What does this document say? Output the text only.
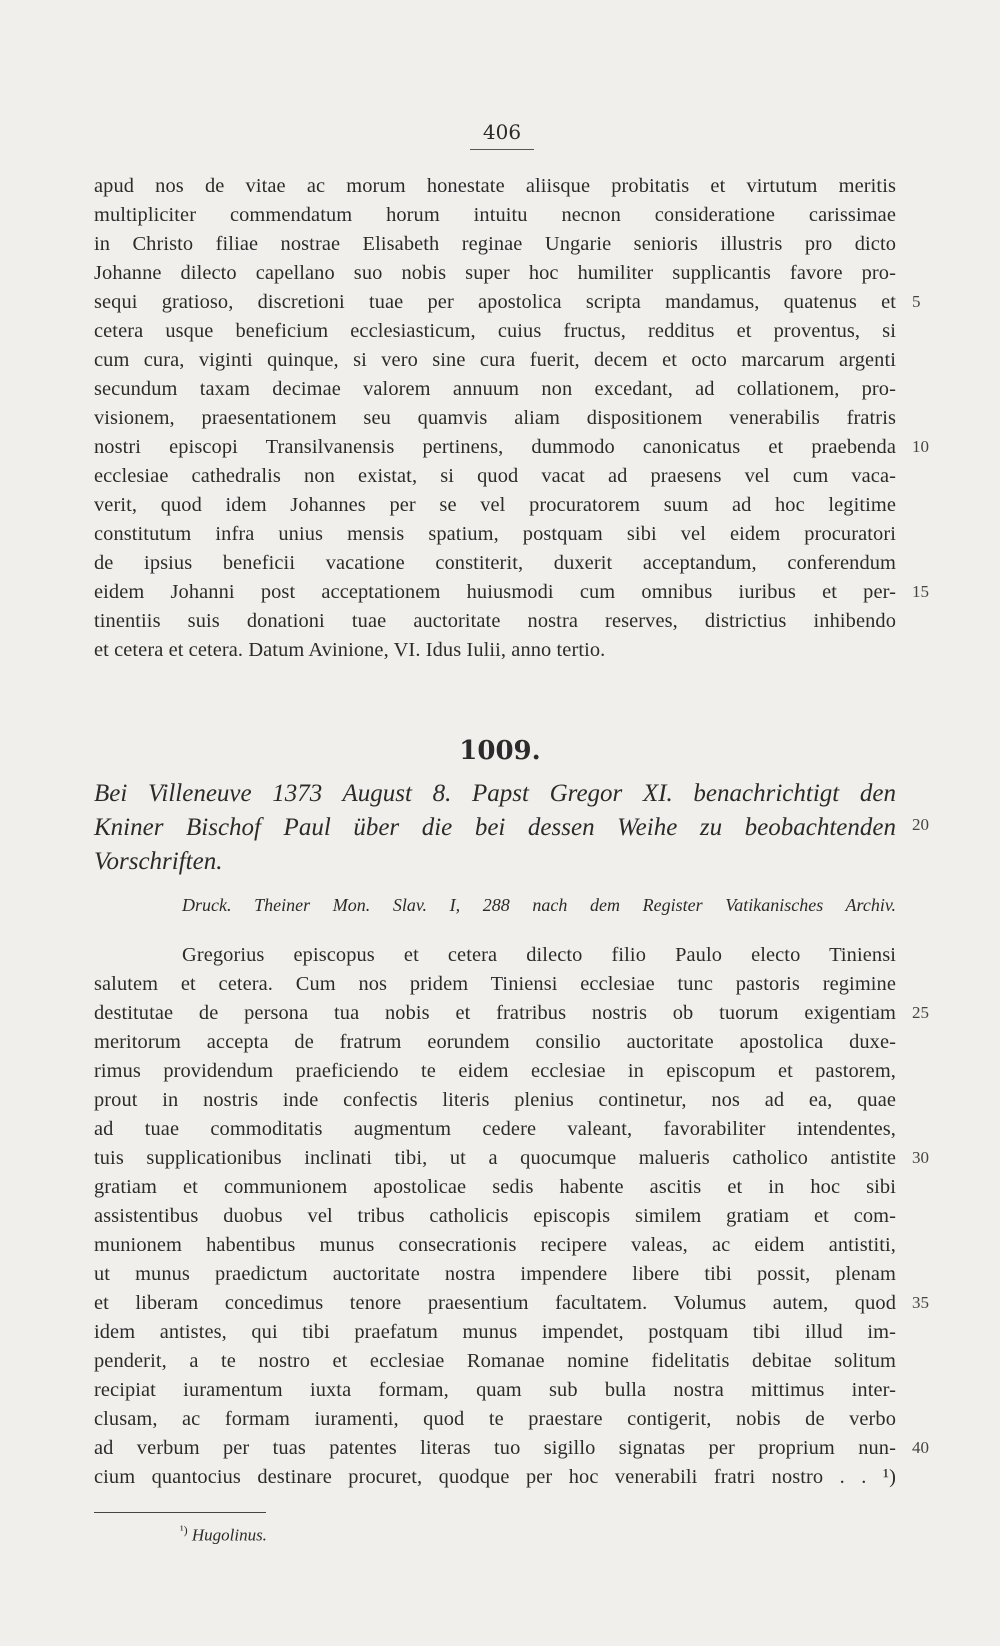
406
apud nos de vitae ac morum honestate aliisque probitatis et virtutum meritis
multipliciter commendatum horum intuitu necnon consideratione carissimae
in Christo filiae nostrae Elisabeth reginae Ungarie senioris illustris pro dicto
Johanne dilecto capellano suo nobis super hoc humiliter supplicantis favore pro-
sequi gratioso, discretioni tuae per apostolica scripta mandamus, quatenus et
cetera usque beneficium ecclesiasticum, cuius fructus, redditus et proventus, si
cum cura, viginti quinque, si vero sine cura fuerit, decem et octo marcarum argenti
secundum taxam decimae valorem annuum non excedant, ad collationem, pro-
visionem, praesentationem seu quamvis aliam dispositionem venerabilis fratris
nostri episcopi Transilvanensis pertinens, dummodo canonicatus et praebenda
ecclesiae cathedralis non existat, si quod vacat ad praesens vel cum vaca-
verit, quod idem Johannes per se vel procuratorem suum ad hoc legitime
constitutum infra unius mensis spatium, postquam sibi vel eidem procuratori
de ipsius beneficii vacatione constiterit, duxerit acceptandum, conferendum
eidem Johanni post acceptationem huiusmodi cum omnibus iuribus et per-
tinentiis suis donationi tuae auctoritate nostra reserves, districtius inhibendo
et cetera et cetera. Datum Avinione, VI. Idus Iulii, anno tertio.
1009.
Bei Villeneuve 1373 August 8. Papst Gregor XI. benachrichtigt den
Kniner Bischof Paul über die bei dessen Weihe zu beobachtenden
Vorschriften.
Druck. Theiner Mon. Slav. I, 288 nach dem Register Vatikanisches Archiv.
Gregorius episcopus et cetera dilecto filio Paulo electo Tiniensi
salutem et cetera. Cum nos pridem Tiniensi ecclesiae tunc pastoris regimine
destitutae de persona tua nobis et fratribus nostris ob tuorum exigentiam
meritorum accepta de fratrum eorundem consilio auctoritate apostolica duxe-
rimus providendum praeficiendo te eidem ecclesiae in episcopum et pastorem,
prout in nostris inde confectis literis plenius continetur, nos ad ea, quae
ad tuae commoditatis augmentum cedere valeant, favorabiliter intendentes,
tuis supplicationibus inclinati tibi, ut a quocumque malueris catholico antistite
gratiam et communionem apostolicae sedis habente ascitis et in hoc sibi
assistentibus duobus vel tribus catholicis episcopis similem gratiam et com-
munionem habentibus munus consecrationis recipere valeas, ac eidem antistiti,
ut munus praedictum auctoritate nostra impendere libere tibi possit, plenam
et liberam concedimus tenore praesentium facultatem. Volumus autem, quod
idem antistes, qui tibi praefatum munus impendet, postquam tibi illud im-
penderit, a te nostro et ecclesiae Romanae nomine fidelitatis debitae solitum
recipiat iuramentum iuxta formam, quam sub bulla nostra mittimus inter-
clusam, ac formam iuramenti, quod te praestare contigerit, nobis de verbo
ad verbum per tuas patentes literas tuo sigillo signatas per proprium nun-
cium quantocius destinare procuret, quodque per hoc venerabili fratri nostro . . ¹)
5
10
15
20
25
30
35
40
$^{^1)}$ Hugolinus.
